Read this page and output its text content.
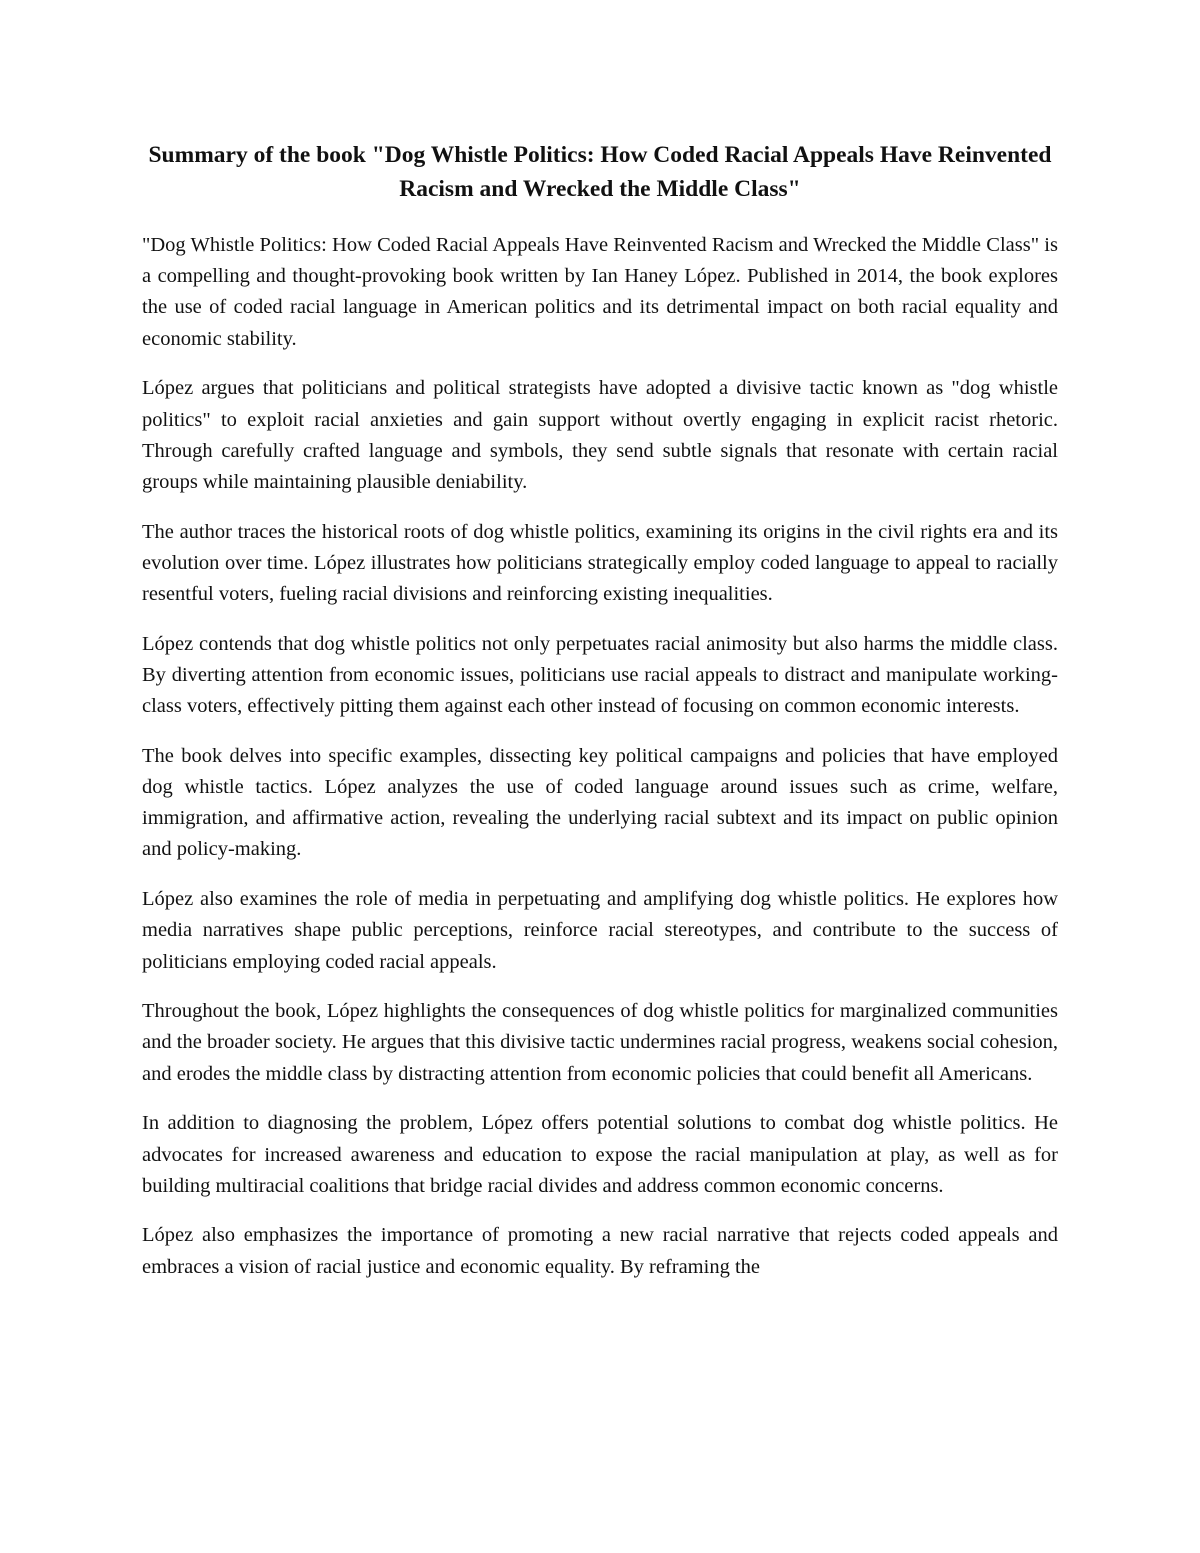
Summary of the book "Dog Whistle Politics: How Coded Racial Appeals Have Reinvented Racism and Wrecked the Middle Class"

"Dog Whistle Politics: How Coded Racial Appeals Have Reinvented Racism and Wrecked the Middle Class" is a compelling and thought-provoking book written by Ian Haney López. Published in 2014, the book explores the use of coded racial language in American politics and its detrimental impact on both racial equality and economic stability.

López argues that politicians and political strategists have adopted a divisive tactic known as "dog whistle politics" to exploit racial anxieties and gain support without overtly engaging in explicit racist rhetoric. Through carefully crafted language and symbols, they send subtle signals that resonate with certain racial groups while maintaining plausible deniability.

The author traces the historical roots of dog whistle politics, examining its origins in the civil rights era and its evolution over time. López illustrates how politicians strategically employ coded language to appeal to racially resentful voters, fueling racial divisions and reinforcing existing inequalities.

López contends that dog whistle politics not only perpetuates racial animosity but also harms the middle class. By diverting attention from economic issues, politicians use racial appeals to distract and manipulate working-class voters, effectively pitting them against each other instead of focusing on common economic interests.

The book delves into specific examples, dissecting key political campaigns and policies that have employed dog whistle tactics. López analyzes the use of coded language around issues such as crime, welfare, immigration, and affirmative action, revealing the underlying racial subtext and its impact on public opinion and policy-making.

López also examines the role of media in perpetuating and amplifying dog whistle politics. He explores how media narratives shape public perceptions, reinforce racial stereotypes, and contribute to the success of politicians employing coded racial appeals.

Throughout the book, López highlights the consequences of dog whistle politics for marginalized communities and the broader society. He argues that this divisive tactic undermines racial progress, weakens social cohesion, and erodes the middle class by distracting attention from economic policies that could benefit all Americans.

In addition to diagnosing the problem, López offers potential solutions to combat dog whistle politics. He advocates for increased awareness and education to expose the racial manipulation at play, as well as for building multiracial coalitions that bridge racial divides and address common economic concerns.

López also emphasizes the importance of promoting a new racial narrative that rejects coded appeals and embraces a vision of racial justice and economic equality. By reframing the
